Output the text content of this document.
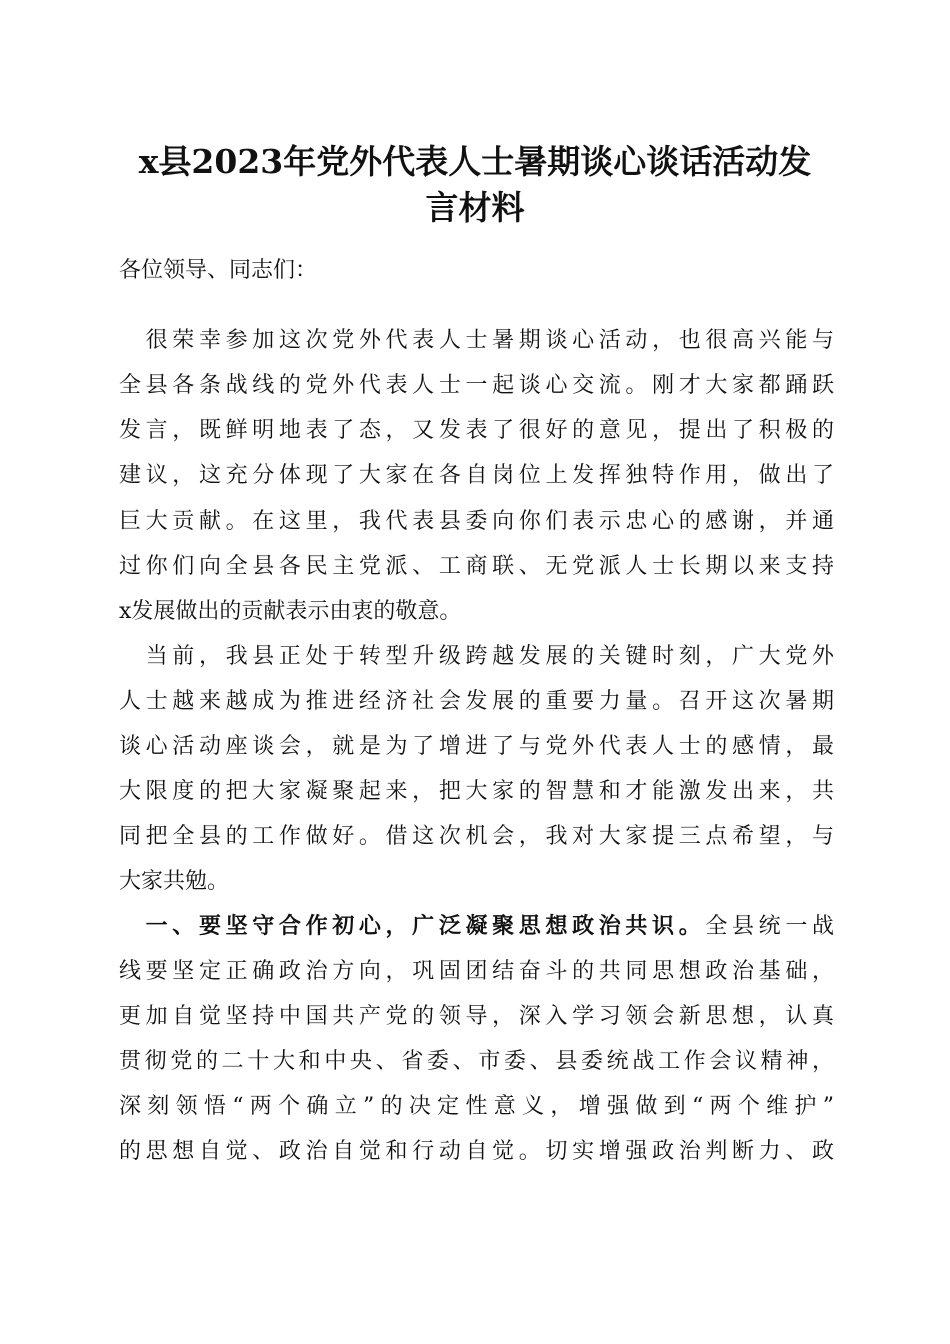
x县2023年党外代表人士暑期谈心谈话活动发
言材料
各位领导、同志们：
　很荣幸参加这次党外代表人士暑期谈心活动，也很高兴能与
全县各条战线的党外代表人士一起谈心交流。刚才大家都踊跃
发言，既鲜明地表了态，又发表了很好的意见，提出了积极的
建议，这充分体现了大家在各自岗位上发挥独特作用，做出了
巨大贡献。在这里，我代表县委向你们表示忠心的感谢，并通
过你们向全县各民主党派、工商联、无党派人士长期以来支持
x发展做出的贡献表示由衷的敬意。
　当前，我县正处于转型升级跨越发展的关键时刻，广大党外
人士越来越成为推进经济社会发展的重要力量。召开这次暑期
谈心活动座谈会，就是为了增进了与党外代表人士的感情，最
大限度的把大家凝聚起来，把大家的智慧和才能激发出来，共
同把全县的工作做好。借这次机会，我对大家提三点希望，与
大家共勉。
　一、要坚守合作初心，广泛凝聚思想政治共识。全县统一战
线要坚定正确政治方向，巩固团结奋斗的共同思想政治基础，
更加自觉坚持中国共产党的领导，深入学习领会新思想，认真
贯彻党的二十大和中央、省委、市委、县委统战工作会议精神，
深刻领悟“两个确立”的决定性意义，增强做到“两个维护”
的思想自觉、政治自觉和行动自觉。切实增强政治判断力、政
